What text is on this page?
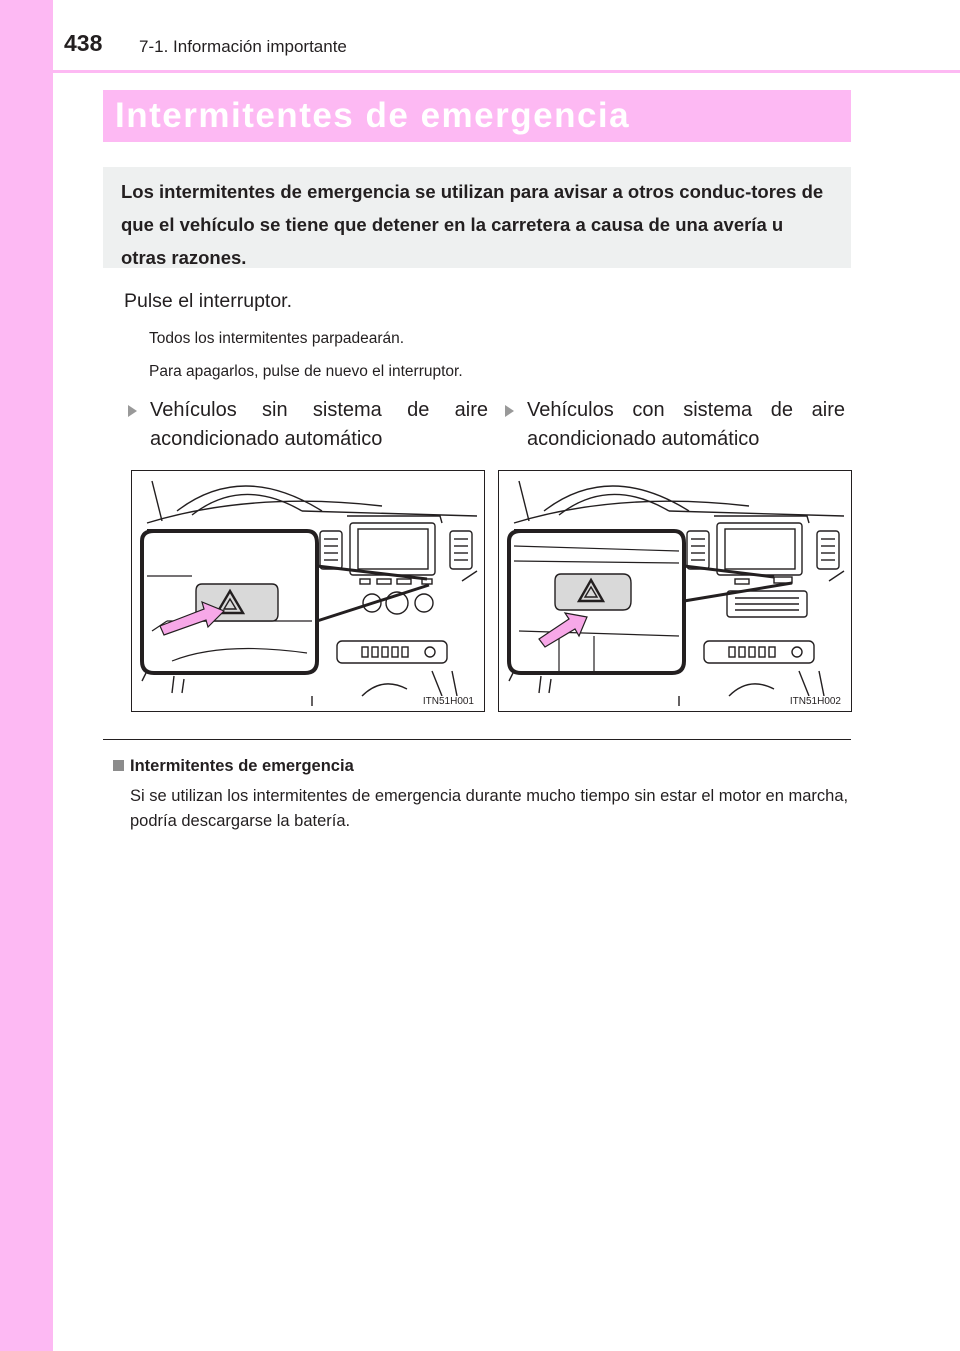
438 7-1. Información importante
Intermitentes de emergencia
Los intermitentes de emergencia se utilizan para avisar a otros conduc-tores de que el vehículo se tiene que detener en la carretera a causa de una avería u otras razones.
Pulse el interruptor.
Todos los intermitentes parpadearán.
Para apagarlos, pulse de nuevo el interruptor.
Vehículos sin sistema de aire acondicionado automático
Vehículos con sistema de aire acondicionado automático
ITN51H001	ITN51H002
Intermitentes de emergencia
Si se utilizan los intermitentes de emergencia durante mucho tiempo sin estar el motor en marcha, podría descargarse la batería.
